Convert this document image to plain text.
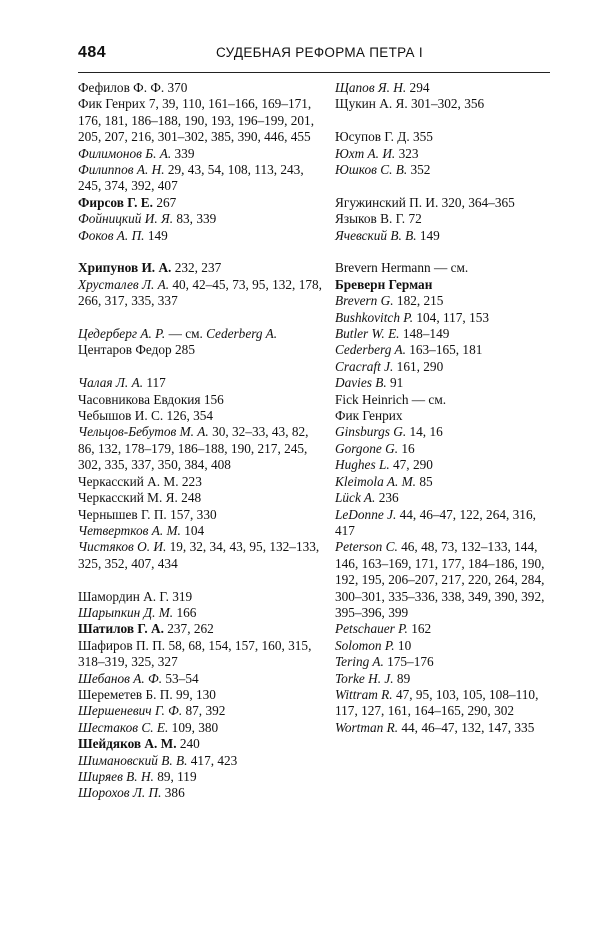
484	СУДЕБНАЯ РЕФОРМА ПЕТРА I
Фефилов Ф. Ф. 370
Фик Генрих 7, 39, 110, 161–166, 169–171, 176, 181, 186–188, 190, 193, 196–199, 201, 205, 207, 216, 301–302, 385, 390, 446, 455
Филимонов Б. А. 339
Филиппов А. Н. 29, 43, 54, 108, 113, 243, 245, 374, 392, 407
Фирсов Г. Е. 267
Фойницкий И. Я. 83, 339
Фоков А. П. 149
Хрипунов И. А. 232, 237
Хрусталев Л. А. 40, 42–45, 73, 95, 132, 178, 266, 317, 335, 337
Цедерберг А. Р. — см. Cederberg A.
Центаров Федор 285
Чалая Л. А. 117
Часовникова Евдокия 156
Чебышов И. С. 126, 354
Чельцов-Бебутов М. А. 30, 32–33, 43, 82, 86, 132, 178–179, 186–188, 190, 217, 245, 302, 335, 337, 350, 384, 408
Черкасский А. М. 223
Черкасский М. Я. 248
Чернышев Г. П. 157, 330
Четвертков А. М. 104
Чистяков О. И. 19, 32, 34, 43, 95, 132–133, 325, 352, 407, 434
Шамордин А. Г. 319
Шарыпкин Д. М. 166
Шатилов Г. А. 237, 262
Шафиров П. П. 58, 68, 154, 157, 160, 315, 318–319, 325, 327
Шебанов А. Ф. 53–54
Шереметев Б. П. 99, 130
Шершеневич Г. Ф. 87, 392
Шестаков С. Е. 109, 380
Шейдяков А. М. 240
Шимановский В. В. 417, 423
Ширяев В. Н. 89, 119
Шорохов Л. П. 386
Щапов Я. Н. 294
Щукин А. Я. 301–302, 356
Юсупов Г. Д. 355
Юхт А. И. 323
Юшков С. В. 352
Ягужинский П. И. 320, 364–365
Языков В. Г. 72
Ячевский В. В. 149
Brevern Hermann — см.
Бреверн Герман
Brevern G. 182, 215
Bushkovitch P. 104, 117, 153
Butler W. E. 148–149
Cederberg A. 163–165, 181
Cracraft J. 161, 290
Davies B. 91
Fick Heinrich — см.
Фик Генрих
Ginsburgs G. 14, 16
Gorgone G. 16
Hughes L. 47, 290
Kleimola A. M. 85
Lück A. 236
LeDonne J. 44, 46–47, 122, 264, 316, 417
Peterson C. 46, 48, 73, 132–133, 144, 146, 163–169, 171, 177, 184–186, 190, 192, 195, 206–207, 217, 220, 264, 284, 300–301, 335–336, 338, 349, 390, 392, 395–396, 399
Petschauer P. 162
Solomon P. 10
Tering A. 175–176
Torke H. J. 89
Wittram R. 47, 95, 103, 105, 108–110, 117, 127, 161, 164–165, 290, 302
Wortman R. 44, 46–47, 132, 147, 335
